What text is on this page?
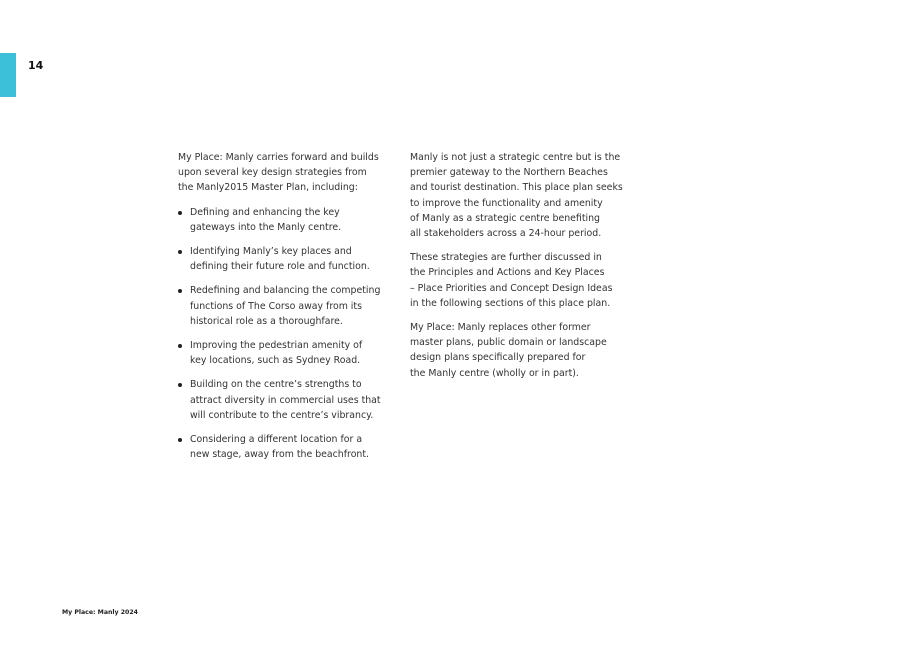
14

My Place: Manly carries forward and builds
upon several key design strategies from
the Manly2015 Master Plan, including:

Defining and enhancing the key
gateways into the Manly centre.
Identifying Manly’s key places and
defining their future role and function.
Redefining and balancing the competing
functions of The Corso away from its
historical role as a thoroughfare.
Improving the pedestrian amenity of
key locations, such as Sydney Road.
Building on the centre’s strengths to
attract diversity in commercial uses that
will contribute to the centre’s vibrancy.
Considering a different location for a
new stage, away from the beachfront.

Manly is not just a strategic centre but is the
premier gateway to the Northern Beaches
and tourist destination. This place plan seeks
to improve the functionality and amenity
of Manly as a strategic centre benefiting
all stakeholders across a 24-hour period.

These strategies are further discussed in
the Principles and Actions and Key Places
– Place Priorities and Concept Design Ideas
in the following sections of this place plan.

My Place: Manly replaces other former
master plans, public domain or landscape
design plans specifically prepared for
the Manly centre (wholly or in part).

My Place: Manly 2024
